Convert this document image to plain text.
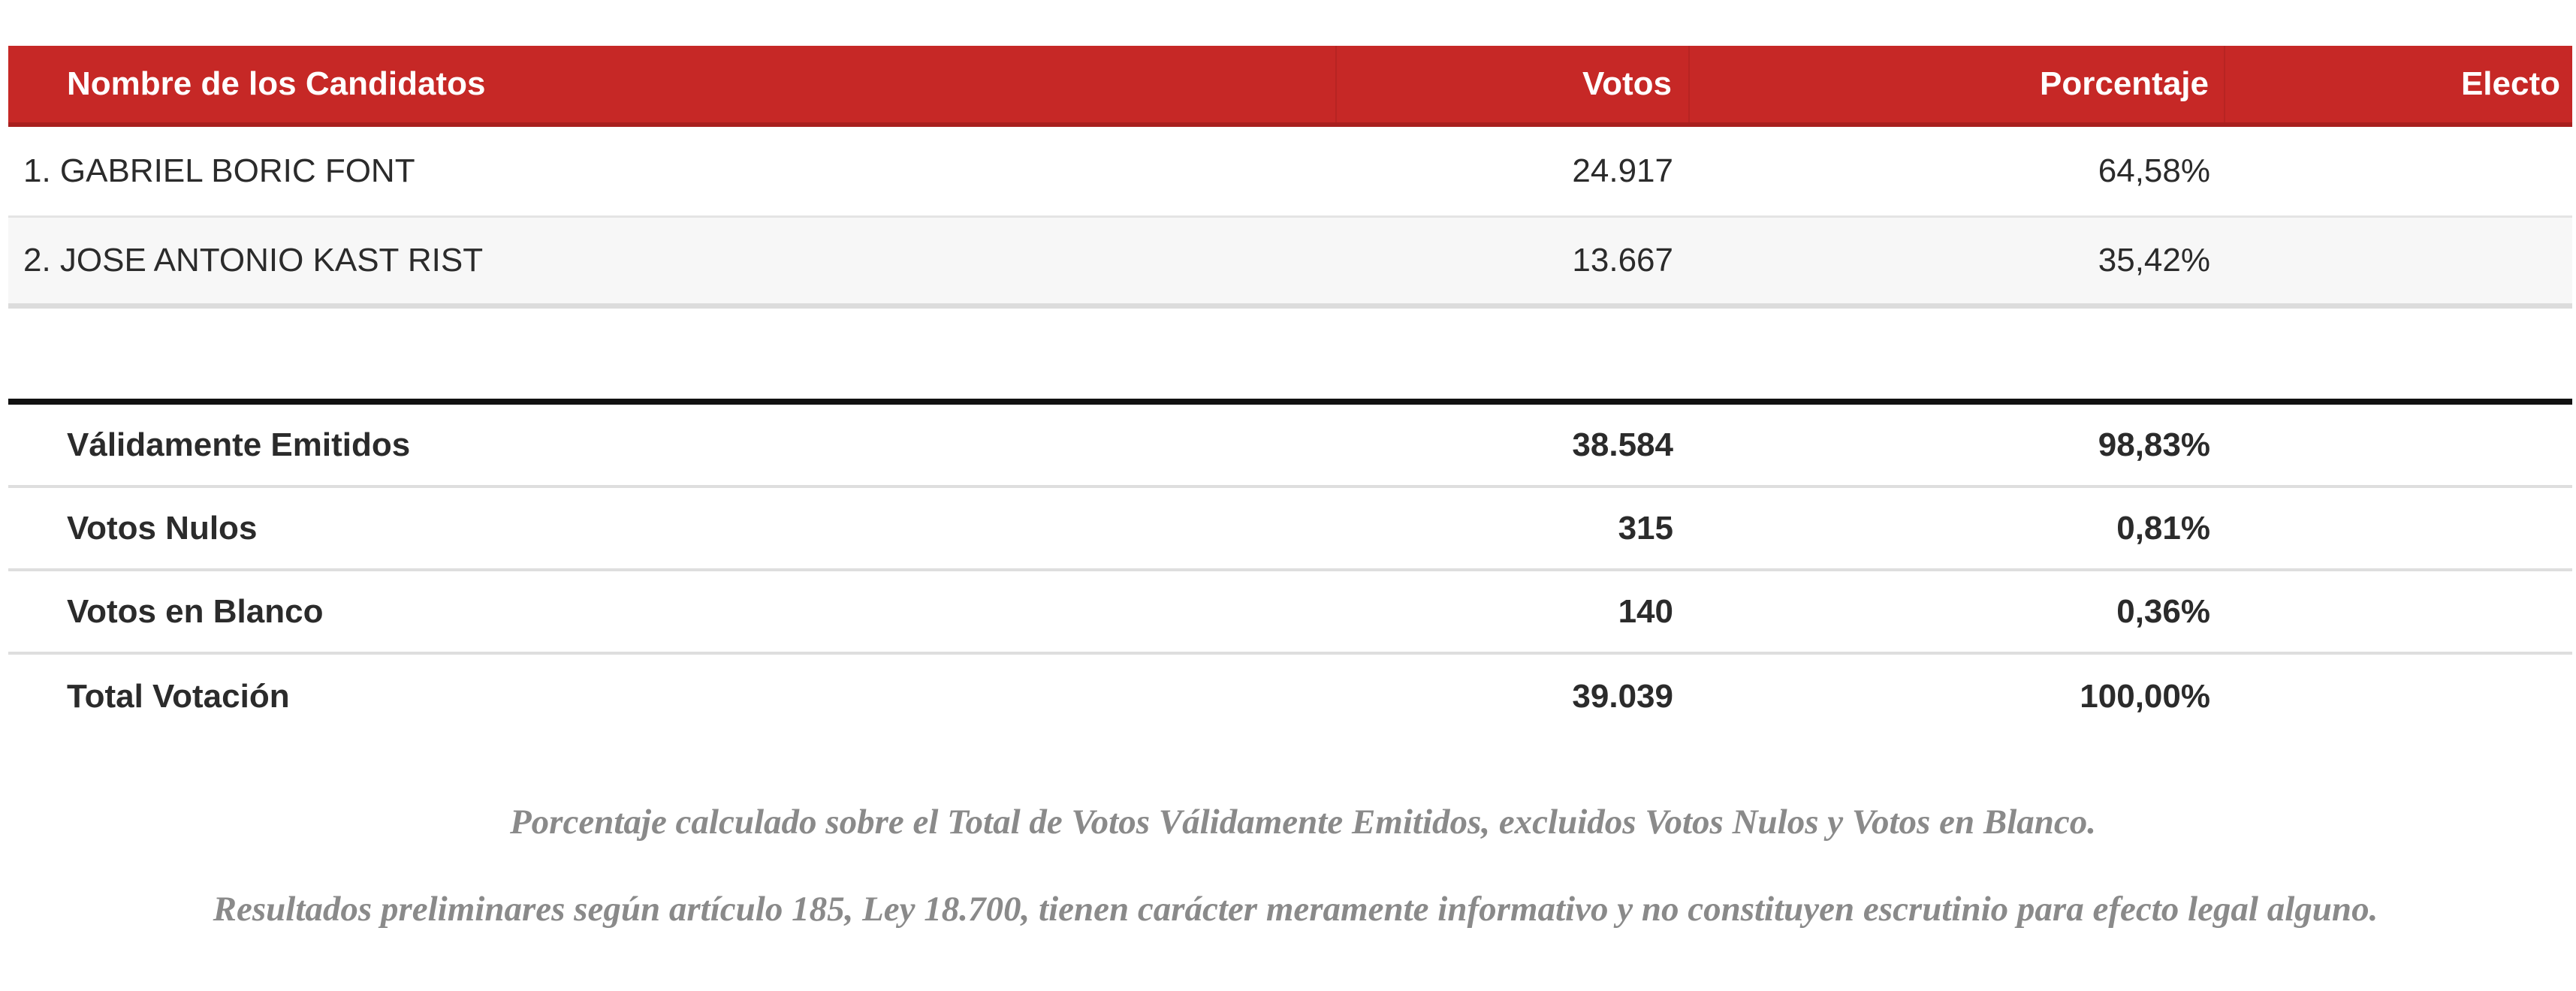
Nombre de los Candidatos	Votos	Porcentaje	Electo
1. GABRIEL BORIC FONT	24.917	64,58%
2. JOSE ANTONIO KAST RIST	13.667	35,42%
Válidamente Emitidos	38.584	98,83%
Votos Nulos	315	0,81%
Votos en Blanco	140	0,36%
Total Votación	39.039	100,00%

Porcentaje calculado sobre el Total de Votos Válidamente Emitidos, excluidos Votos Nulos y Votos en Blanco.

Resultados preliminares según artículo 185, Ley 18.700, tienen carácter meramente informativo y no constituyen escrutinio para efecto legal alguno.
